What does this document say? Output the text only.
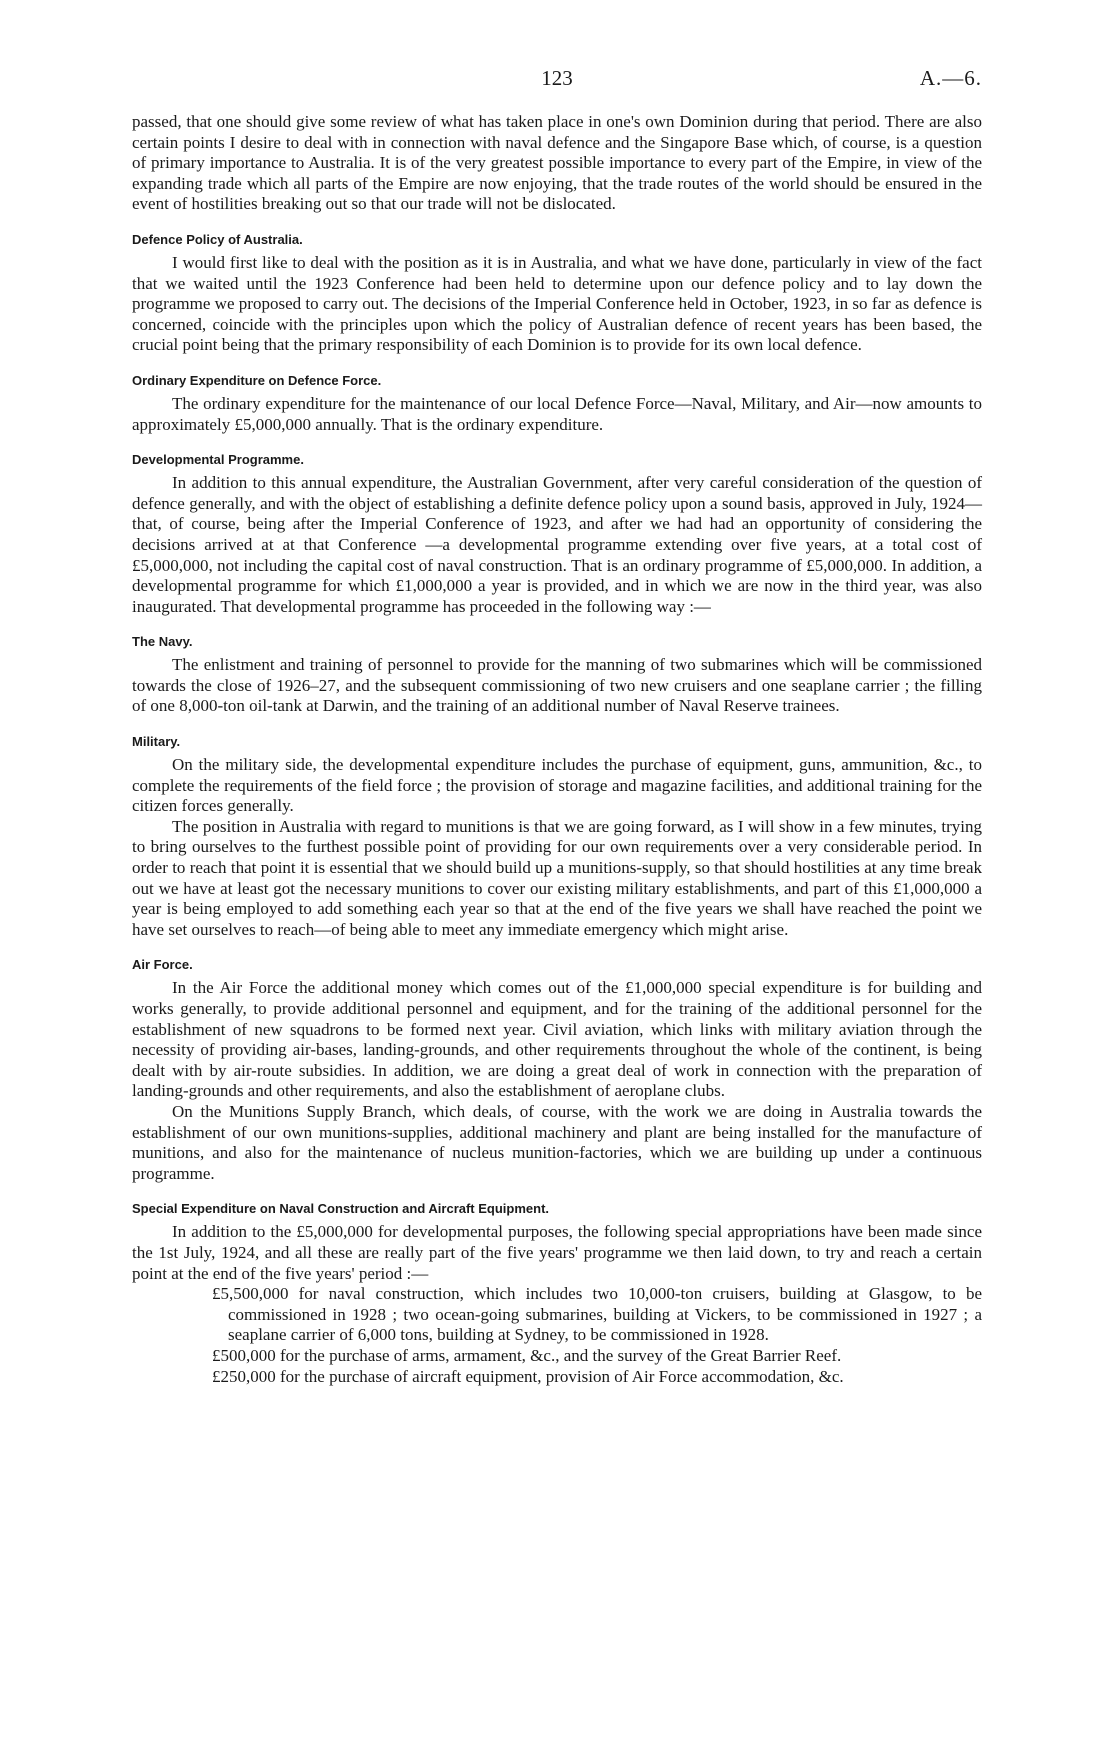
123	A.—6.

passed, that one should give some review of what has taken place in one's own Dominion during that period. There are also certain points I desire to deal with in connection with naval defence and the Singapore Base which, of course, is a question of primary importance to Australia. It is of the very greatest possible importance to every part of the Empire, in view of the expanding trade which all parts of the Empire are now enjoying, that the trade routes of the world should be ensured in the event of hostilities breaking out so that our trade will not be dislocated.

Defence Policy of Australia.

I would first like to deal with the position as it is in Australia, and what we have done, particularly in view of the fact that we waited until the 1923 Conference had been held to determine upon our defence policy and to lay down the programme we proposed to carry out. The decisions of the Imperial Conference held in October, 1923, in so far as defence is concerned, coincide with the principles upon which the policy of Australian defence of recent years has been based, the crucial point being that the primary responsibility of each Dominion is to provide for its own local defence.

Ordinary Expenditure on Defence Force.

The ordinary expenditure for the maintenance of our local Defence Force—Naval, Military, and Air—now amounts to approximately £5,000,000 annually. That is the ordinary expenditure.

Developmental Programme.

In addition to this annual expenditure, the Australian Government, after very careful consideration of the question of defence generally, and with the object of establishing a definite defence policy upon a sound basis, approved in July, 1924—that, of course, being after the Imperial Conference of 1923, and after we had had an opportunity of considering the decisions arrived at at that Conference —a developmental programme extending over five years, at a total cost of £5,000,000, not including the capital cost of naval construction. That is an ordinary programme of £5,000,000. In addition, a developmental programme for which £1,000,000 a year is provided, and in which we are now in the third year, was also inaugurated. That developmental programme has proceeded in the following way :—

The Navy.

The enlistment and training of personnel to provide for the manning of two submarines which will be commissioned towards the close of 1926–27, and the subsequent commissioning of two new cruisers and one seaplane carrier ; the filling of one 8,000-ton oil-tank at Darwin, and the training of an additional number of Naval Reserve trainees.

Military.

On the military side, the developmental expenditure includes the purchase of equipment, guns, ammunition, &c., to complete the requirements of the field force ; the provision of storage and magazine facilities, and additional training for the citizen forces generally.

The position in Australia with regard to munitions is that we are going forward, as I will show in a few minutes, trying to bring ourselves to the furthest possible point of providing for our own requirements over a very considerable period. In order to reach that point it is essential that we should build up a munitions-supply, so that should hostilities at any time break out we have at least got the necessary munitions to cover our existing military establishments, and part of this £1,000,000 a year is being employed to add something each year so that at the end of the five years we shall have reached the point we have set ourselves to reach—of being able to meet any immediate emergency which might arise.

Air Force.

In the Air Force the additional money which comes out of the £1,000,000 special expenditure is for building and works generally, to provide additional personnel and equipment, and for the training of the additional personnel for the establishment of new squadrons to be formed next year. Civil aviation, which links with military aviation through the necessity of providing air-bases, landing-grounds, and other requirements throughout the whole of the continent, is being dealt with by air-route subsidies. In addition, we are doing a great deal of work in connection with the preparation of landing-grounds and other requirements, and also the establishment of aeroplane clubs.

On the Munitions Supply Branch, which deals, of course, with the work we are doing in Australia towards the establishment of our own munitions-supplies, additional machinery and plant are being installed for the manufacture of munitions, and also for the maintenance of nucleus munition-factories, which we are building up under a continuous programme.

Special Expenditure on Naval Construction and Aircraft Equipment.

In addition to the £5,000,000 for developmental purposes, the following special appropriations have been made since the 1st July, 1924, and all these are really part of the five years' programme we then laid down, to try and reach a certain point at the end of the five years' period :—

£5,500,000 for naval construction, which includes two 10,000-ton cruisers, building at Glasgow, to be commissioned in 1928 ; two ocean-going submarines, building at Vickers, to be commissioned in 1927 ; a seaplane carrier of 6,000 tons, building at Sydney, to be commissioned in 1928.

£500,000 for the purchase of arms, armament, &c., and the survey of the Great Barrier Reef.

£250,000 for the purchase of aircraft equipment, provision of Air Force accommodation, &c.
